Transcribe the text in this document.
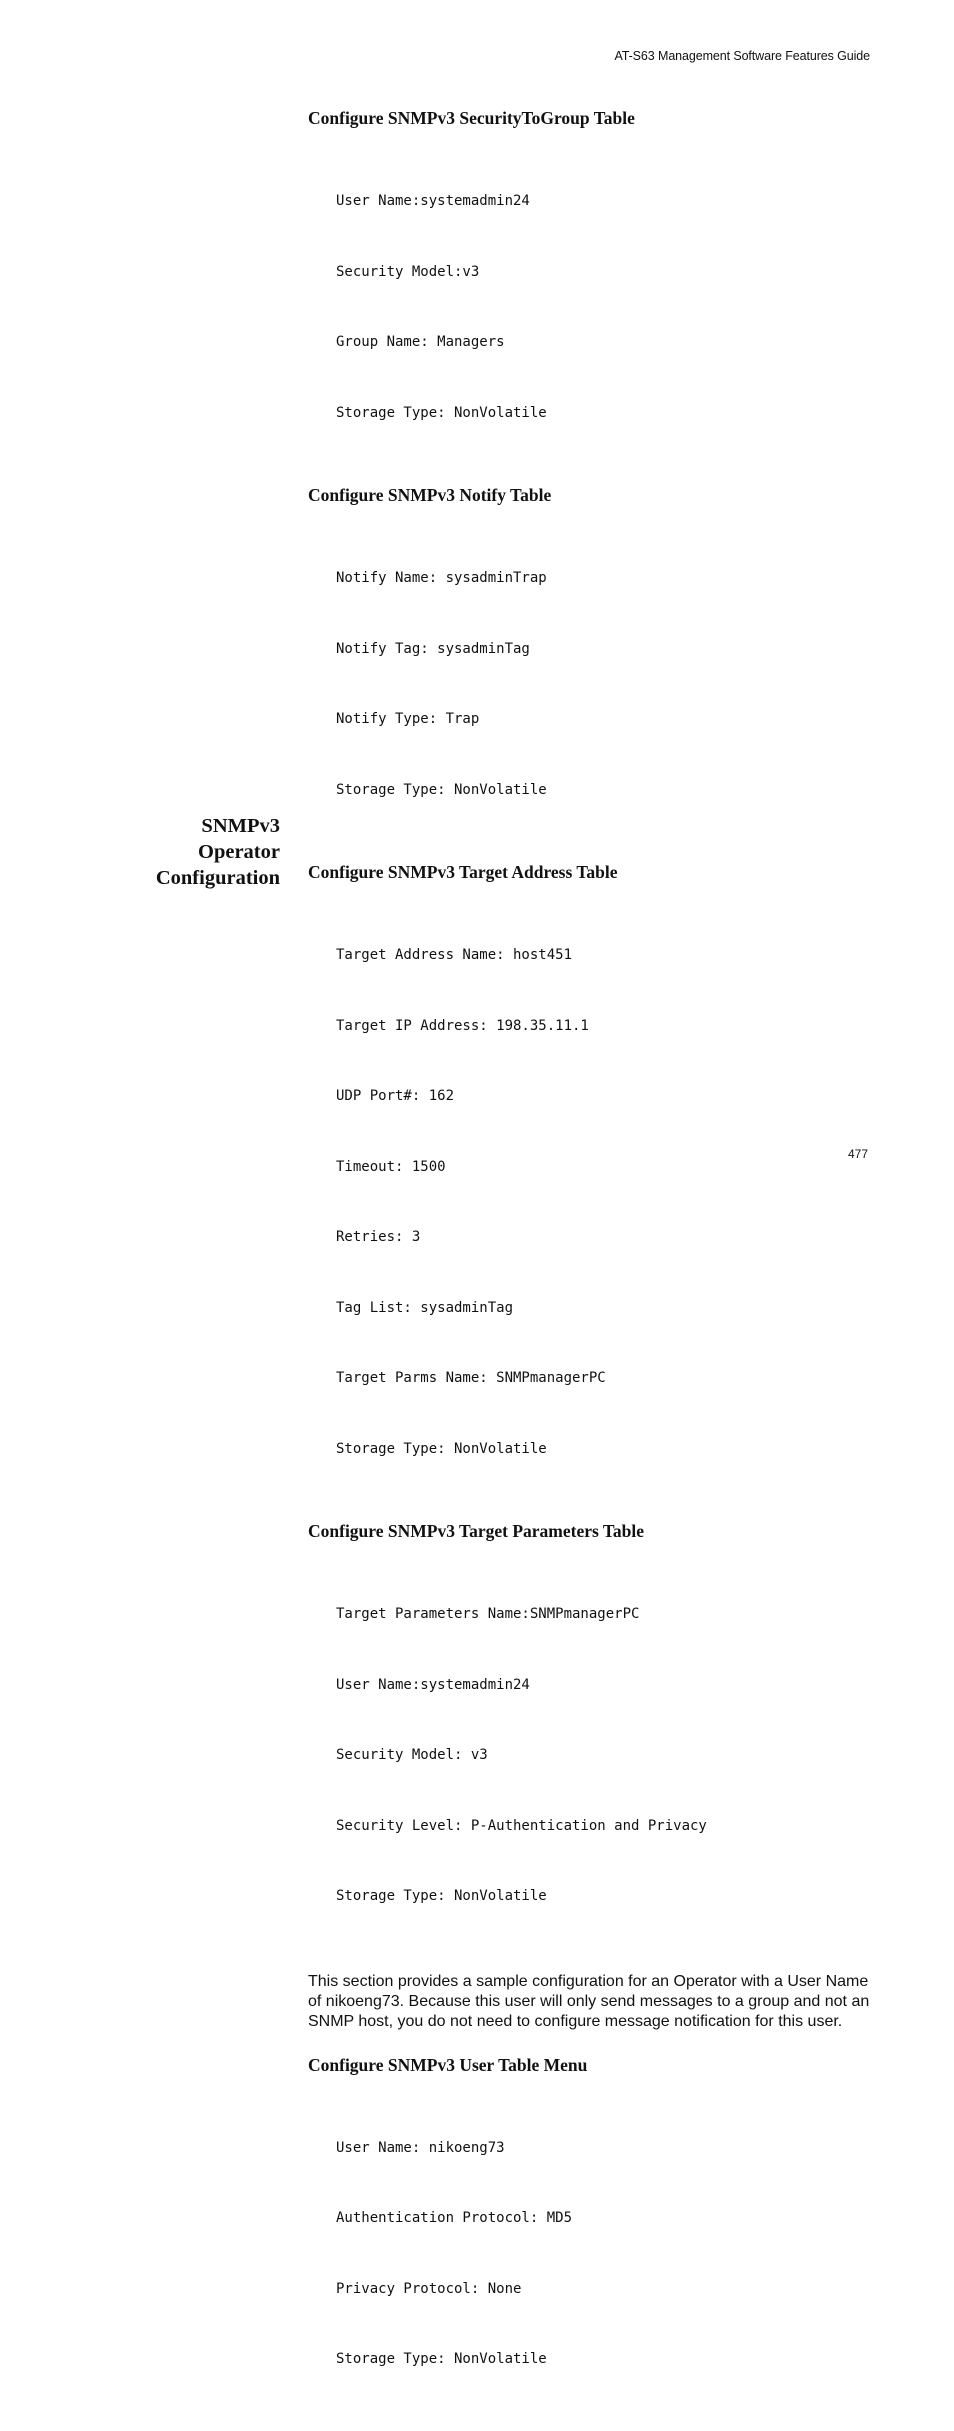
AT-S63 Management Software Features Guide
Configure SNMPv3 SecurityToGroup Table

User Name:systemadmin24

Security Model:v3

Group Name: Managers

Storage Type: NonVolatile

Configure SNMPv3 Notify Table

Notify Name: sysadminTrap

Notify Tag: sysadminTag

Notify Type: Trap

Storage Type: NonVolatile

Configure SNMPv3 Target Address Table

Target Address Name: host451

Target IP Address: 198.35.11.1

UDP Port#: 162

Timeout: 1500

Retries: 3

Tag List: sysadminTag

Target Parms Name: SNMPmanagerPC

Storage Type: NonVolatile

Configure SNMPv3 Target Parameters Table

Target Parameters Name:SNMPmanagerPC

User Name:systemadmin24

Security Model: v3

Security Level: P-Authentication and Privacy

Storage Type: NonVolatile

This section provides a sample configuration for an Operator with a User Name of nikoeng73. Because this user will only send messages to a group and not an SNMP host, you do not need to configure message notification for this user.

Configure SNMPv3 User Table Menu

User Name: nikoeng73

Authentication Protocol: MD5

Privacy Protocol: None

Storage Type: NonVolatile

SNMPv3
Operator
Configuration
477
